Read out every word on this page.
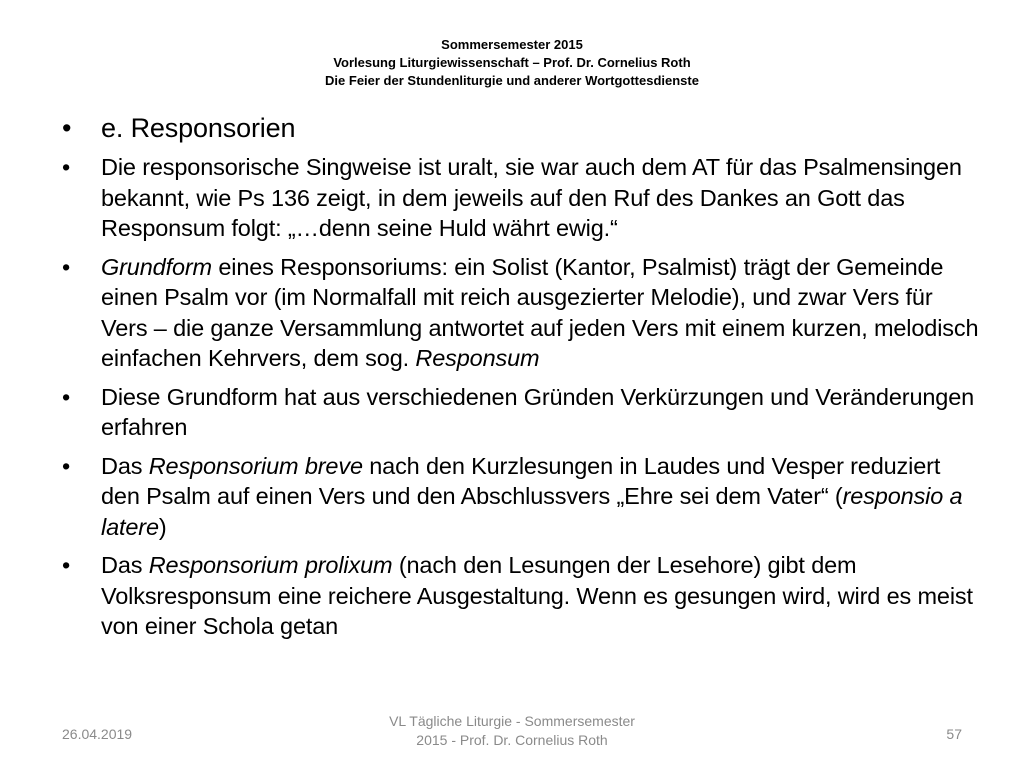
Sommersemester 2015
Vorlesung Liturgiewissenschaft – Prof. Dr. Cornelius Roth
Die Feier der Stundenliturgie und anderer Wortgottesdienste
•	e. Responsorien
•	Die responsorische Singweise ist uralt, sie war auch dem AT für das Psalmensingen bekannt, wie Ps 136 zeigt, in dem jeweils auf den Ruf des Dankes an Gott das Responsum folgt: „…denn seine Huld währt ewig.“
•	Grundform eines Responsoriums: ein Solist (Kantor, Psalmist) trägt der Gemeinde einen Psalm vor (im Normalfall mit reich ausgezierter Melodie), und zwar Vers für Vers – die ganze Versammlung antwortet auf jeden Vers mit einem kurzen, melodisch einfachen Kehrvers, dem sog. Responsum
•	Diese Grundform hat aus verschiedenen Gründen Verkürzungen und Veränderungen erfahren
•	Das Responsorium breve nach den Kurzlesungen in Laudes und Vesper reduziert den Psalm auf einen Vers und den Abschlussvers „Ehre sei dem Vater“ (responsio a latere)
•	Das Responsorium prolixum (nach den Lesungen der Lesehore) gibt dem Volksresponsum eine reichere Ausgestaltung. Wenn es gesungen wird, wird es meist von einer Schola getan
26.04.2019
VL Tägliche Liturgie - Sommersemester
2015 - Prof. Dr. Cornelius Roth	57
